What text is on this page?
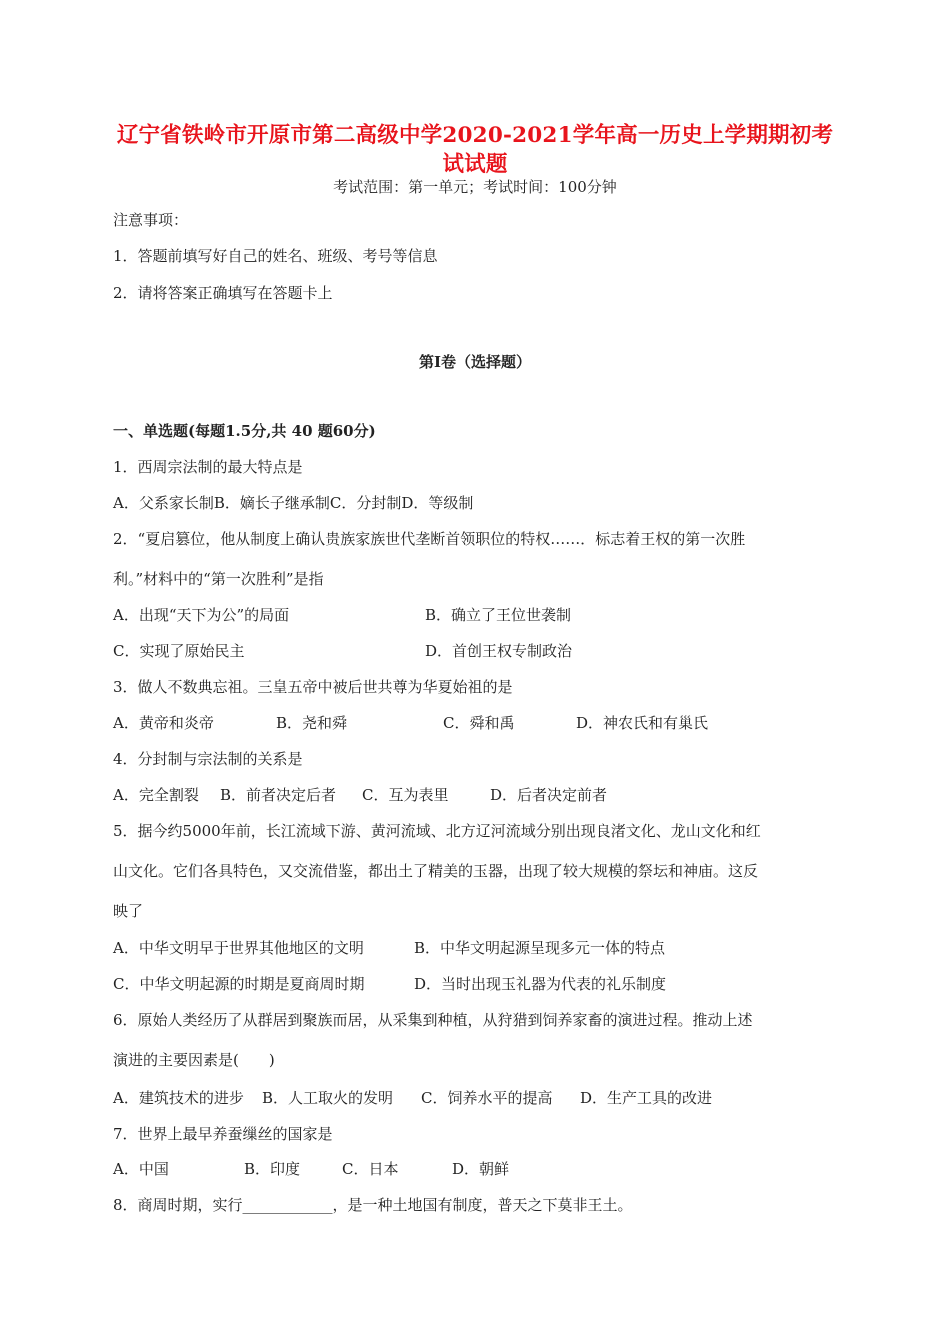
辽宁省铁岭市开原市第二高级中学2020-2021学年高一历史上学期期初考
试试题
考试范围：第一单元；考试时间：100分钟
注意事项：
1．答题前填写好自己的姓名、班级、考号等信息
2．请将答案正确填写在答题卡上
第I卷（选择题）
一、单选题(每题1.5分,共 40 题60分)
1．西周宗法制的最大特点是
A．父系家长制B．嫡长子继承制C．分封制D．等级制
2．“夏启篡位，他从制度上确认贵族家族世代垄断首领职位的特权……．标志着王权的第一次胜
利。”材料中的“第一次胜利”是指
A．出现“天下为公”的局面	B．确立了王位世袭制
C．实现了原始民主	D．首创王权专制政治
3．做人不数典忘祖。三皇五帝中被后世共尊为华夏始祖的是
A．黄帝和炎帝	B．尧和舜	C．舜和禹	D．神农氏和有巢氏
4．分封制与宗法制的关系是
A．完全割裂 B．前者决定后者 C．互为表里	D．后者决定前者
5．据今约5000年前，长江流域下游、黄河流域、北方辽河流域分别出现良渚文化、龙山文化和红
山文化。它们各具特色，又交流借鉴，都出土了精美的玉器，出现了较大规模的祭坛和神庙。这反
映了
A．中华文明早于世界其他地区的文明	B．中华文明起源呈现多元一体的特点
C．中华文明起源的时期是夏商周时期	D．当时出现玉礼器为代表的礼乐制度
6．原始人类经历了从群居到聚族而居，从采集到种植，从狩猎到饲养家畜的演进过程。推动上述
演进的主要因素是(　　)
A．建筑技术的进步 B．人工取火的发明 C．饲养水平的提高 D．生产工具的改进
7．世界上最早养蚕缫丝的国家是
A．中国	B．印度	C．日本	D．朝鲜
8．商周时期，实行____________，是一种土地国有制度，普天之下莫非王土。
